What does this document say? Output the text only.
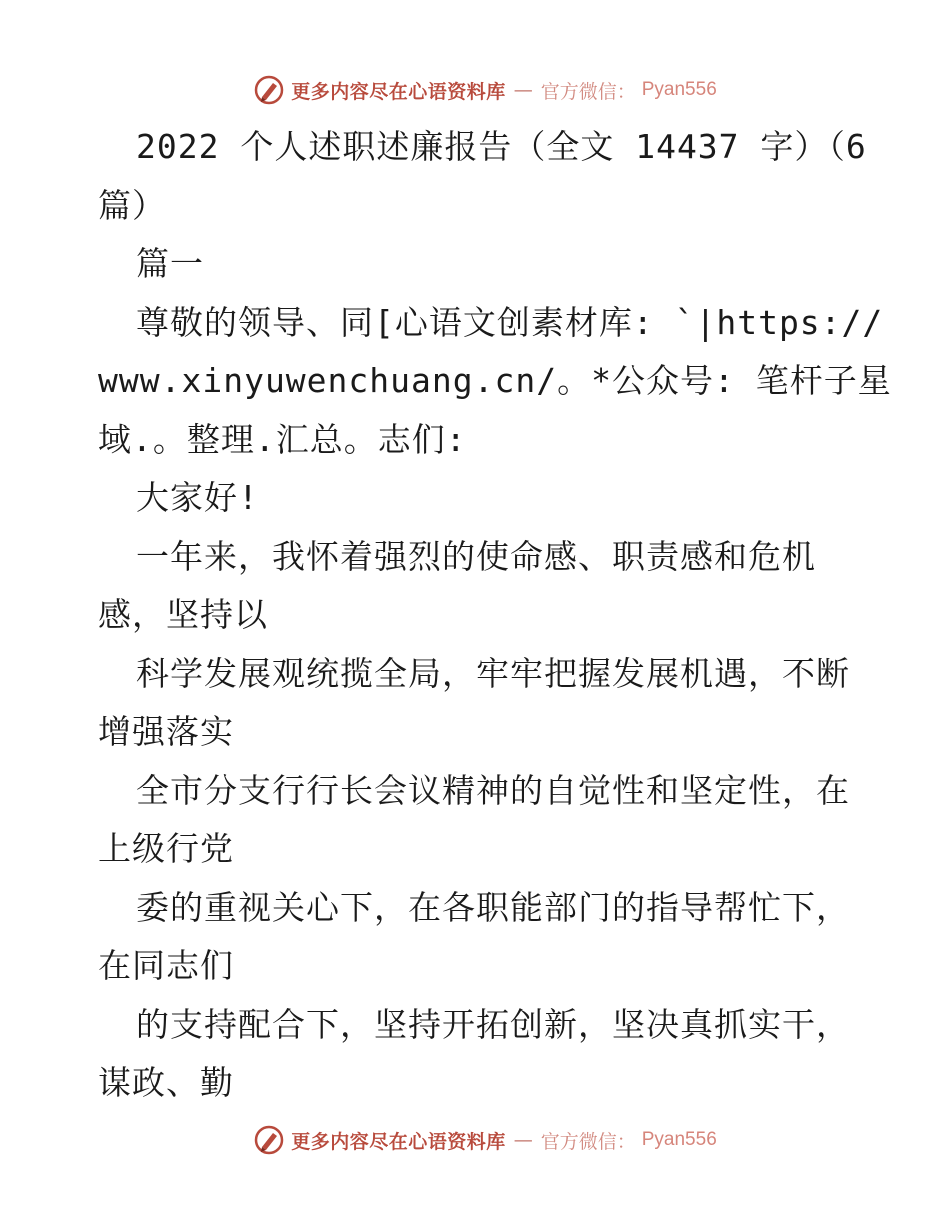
更多内容尽在心语资料库 — 官方微信： Pyan556
2022 个人述职述廉报告（全文 14437 字）（6
篇）
篇一
尊敬的领导、同[心语文创素材库: `|https://
www.xinyuwenchuang.cn/。*公众号: 笔杆子星
域.。整理.汇总。志们:
大家好!
一年来，我怀着强烈的使命感、职责感和危机
感，坚持以
科学发展观统揽全局，牢牢把握发展机遇，不断
增强落实
全市分支行行长会议精神的自觉性和坚定性，在
上级行党
委的重视关心下，在各职能部门的指导帮忙下，
在同志们
的支持配合下，坚持开拓创新，坚决真抓实干，
谋政、勤
更多内容尽在心语资料库 — 官方微信： Pyan556
